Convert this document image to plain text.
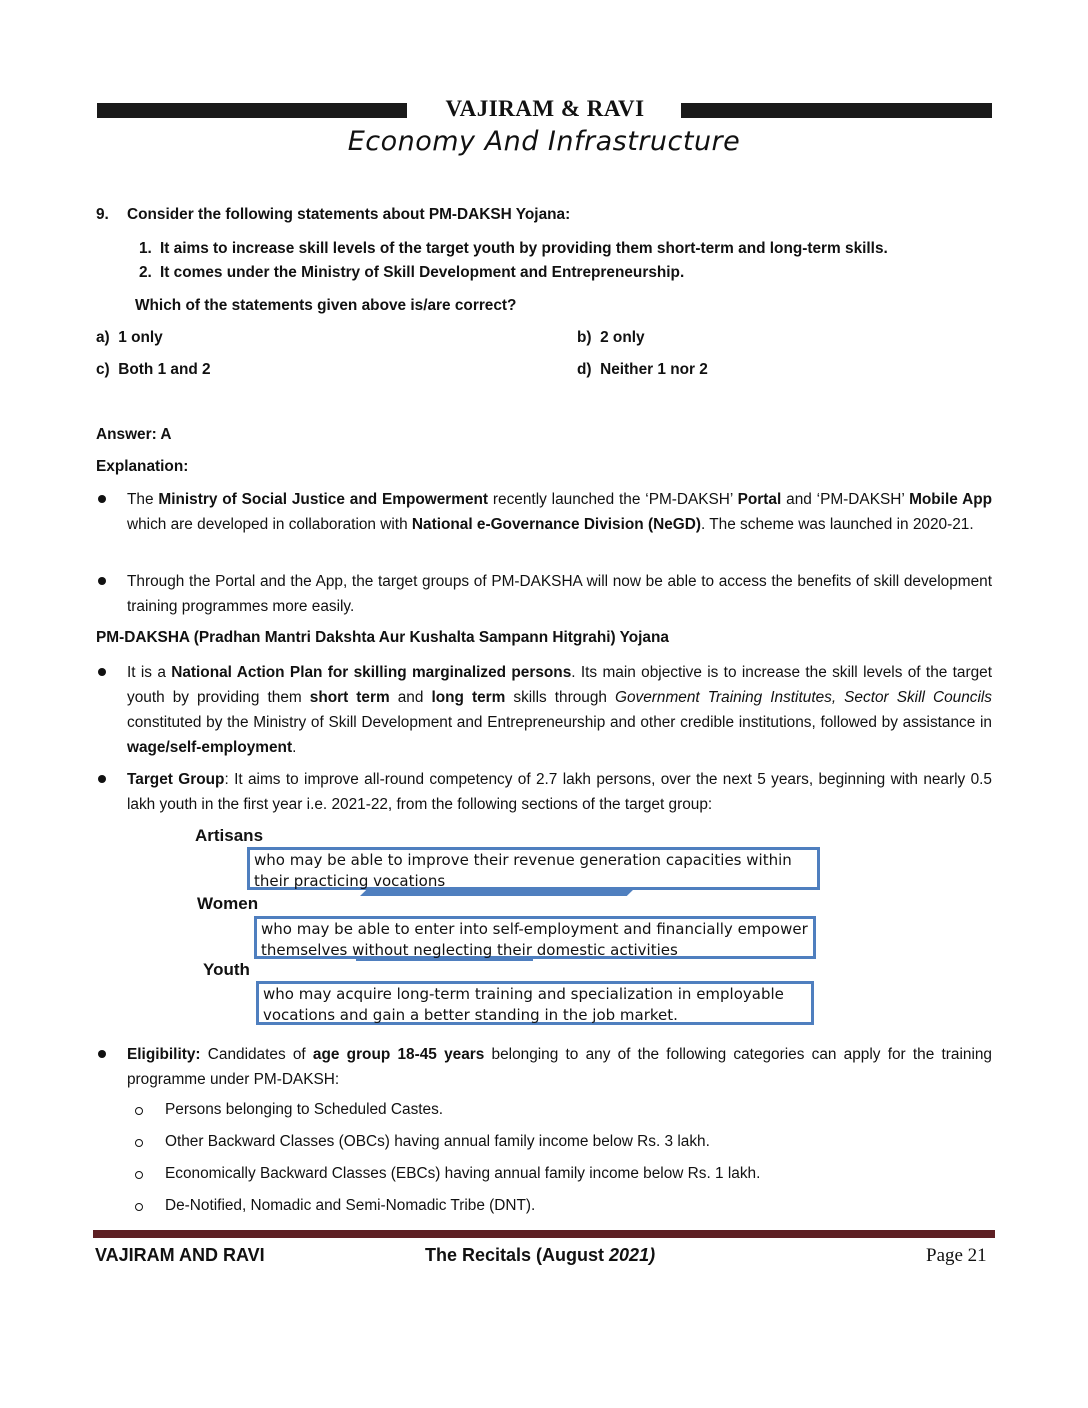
VAJIRAM & RAVI
Economy And Infrastructure
9. Consider the following statements about PM-DAKSH Yojana:
1. It aims to increase skill levels of the target youth by providing them short-term and long-term skills.
2. It comes under the Ministry of Skill Development and Entrepreneurship.
Which of the statements given above is/are correct?
a) 1 only	b) 2 only
c) Both 1 and 2	d) Neither 1 nor 2
Answer: A
Explanation:
The Ministry of Social Justice and Empowerment recently launched the ‘PM-DAKSH’ Portal and ‘PM-DAKSH’ Mobile App which are developed in collaboration with National e-Governance Division (NeGD). The scheme was launched in 2020-21.
Through the Portal and the App, the target groups of PM-DAKSHA will now be able to access the benefits of skill development training programmes more easily.
PM-DAKSHA (Pradhan Mantri Dakshta Aur Kushalta Sampann Hitgrahi) Yojana
It is a National Action Plan for skilling marginalized persons. Its main objective is to increase the skill levels of the target youth by providing them short term and long term skills through Government Training Institutes, Sector Skill Councils constituted by the Ministry of Skill Development and Entrepreneurship and other credible institutions, followed by assistance in wage/self-employment.
Target Group: It aims to improve all-round competency of 2.7 lakh persons, over the next 5 years, beginning with nearly 0.5 lakh youth in the first year i.e. 2021-22, from the following sections of the target group:
Artisans
who may be able to improve their revenue generation capacities within their practicing vocations
Women
who may be able to enter into self-employment and financially empower themselves without neglecting their domestic activities
Youth
who may acquire long-term training and specialization in employable vocations and gain a better standing in the job market.
Eligibility: Candidates of age group 18-45 years belonging to any of the following categories can apply for the training programme under PM-DAKSH:
Persons belonging to Scheduled Castes.
Other Backward Classes (OBCs) having annual family income below Rs. 3 lakh.
Economically Backward Classes (EBCs) having annual family income below Rs. 1 lakh.
De-Notified, Nomadic and Semi-Nomadic Tribe (DNT).
VAJIRAM AND RAVI	The Recitals (August 2021)	Page 21
